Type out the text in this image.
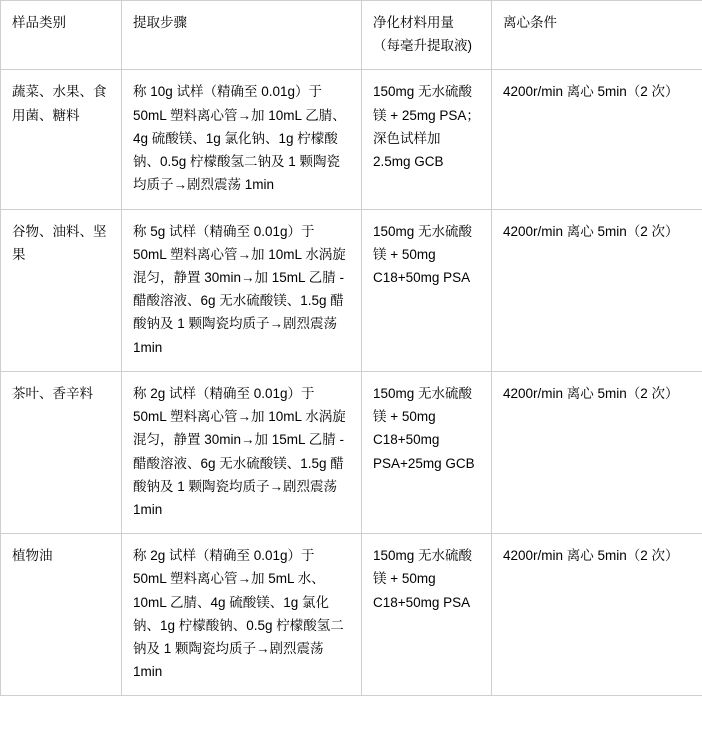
样品类别	提取步骤	净化材料用量（每毫升提取液)	离心条件

蔬菜、水果、食用菌、糖料	称 10g 试样（精确至 0.01g）于 50mL 塑料离心管→加 10mL 乙腈、4g 硫酸镁、1g 氯化钠、1g 柠檬酸钠、0.5g 柠檬酸氢二钠及 1 颗陶瓷均质子→剧烈震荡 1min	150mg 无水硫酸镁 + 25mg PSA；深色试样加 2.5mg GCB	4200r/min 离心 5min（2 次）

谷物、油料、坚果	称 5g 试样（精确至 0.01g）于 50mL 塑料离心管→加 10mL 水涡旋混匀，静置 30min→加 15mL 乙腈 - 醋酸溶液、6g 无水硫酸镁、1.5g 醋酸钠及 1 颗陶瓷均质子→剧烈震荡 1min	150mg 无水硫酸镁 + 50mg C18+50mg PSA	4200r/min 离心 5min（2 次）

茶叶、香辛料	称 2g 试样（精确至 0.01g）于 50mL 塑料离心管→加 10mL 水涡旋混匀，静置 30min→加 15mL 乙腈 - 醋酸溶液、6g 无水硫酸镁、1.5g 醋酸钠及 1 颗陶瓷均质子→剧烈震荡 1min	150mg 无水硫酸镁 + 50mg C18+50mg PSA+25mg GCB	4200r/min 离心 5min（2 次）

植物油	称 2g 试样（精确至 0.01g）于 50mL 塑料离心管→加 5mL 水、10mL 乙腈、4g 硫酸镁、1g 氯化钠、1g 柠檬酸钠、0.5g 柠檬酸氢二钠及 1 颗陶瓷均质子→剧烈震荡 1min	150mg 无水硫酸镁 + 50mg C18+50mg PSA	4200r/min 离心 5min（2 次）
